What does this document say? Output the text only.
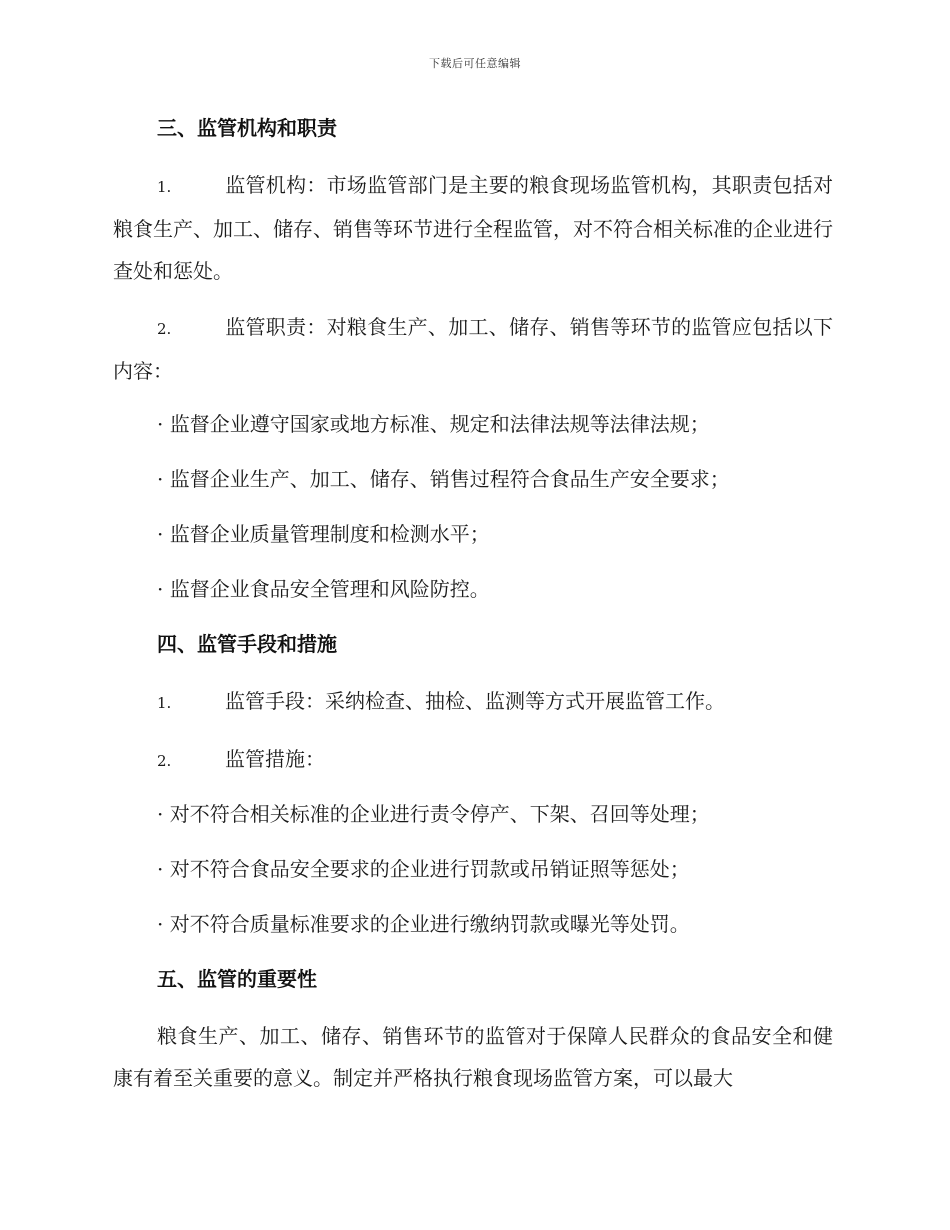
下载后可任意编辑
三、监管机构和职责

1.	监管机构：市场监管部门是主要的粮食现场监管机构，其职责包括对粮食生产、加工、储存、销售等环节进行全程监管，对不符合相关标准的企业进行查处和惩处。

2.	监管职责：对粮食生产、加工、储存、销售等环节的监管应包括以下内容：

· 监督企业遵守国家或地方标准、规定和法律法规等法律法规；
· 监督企业生产、加工、储存、销售过程符合食品生产安全要求；
· 监督企业质量管理制度和检测水平；
· 监督企业食品安全管理和风险防控。
四、监管手段和措施

1.	监管手段：采纳检查、抽检、监测等方式开展监管工作。

2.	监管措施：

· 对不符合相关标准的企业进行责令停产、下架、召回等处理；
· 对不符合食品安全要求的企业进行罚款或吊销证照等惩处；
· 对不符合质量标准要求的企业进行缴纳罚款或曝光等处罚。
五、监管的重要性

粮食生产、加工、储存、销售环节的监管对于保障人民群众的食品安全和健康有着至关重要的意义。制定并严格执行粮食现场监管方案，可以最大
